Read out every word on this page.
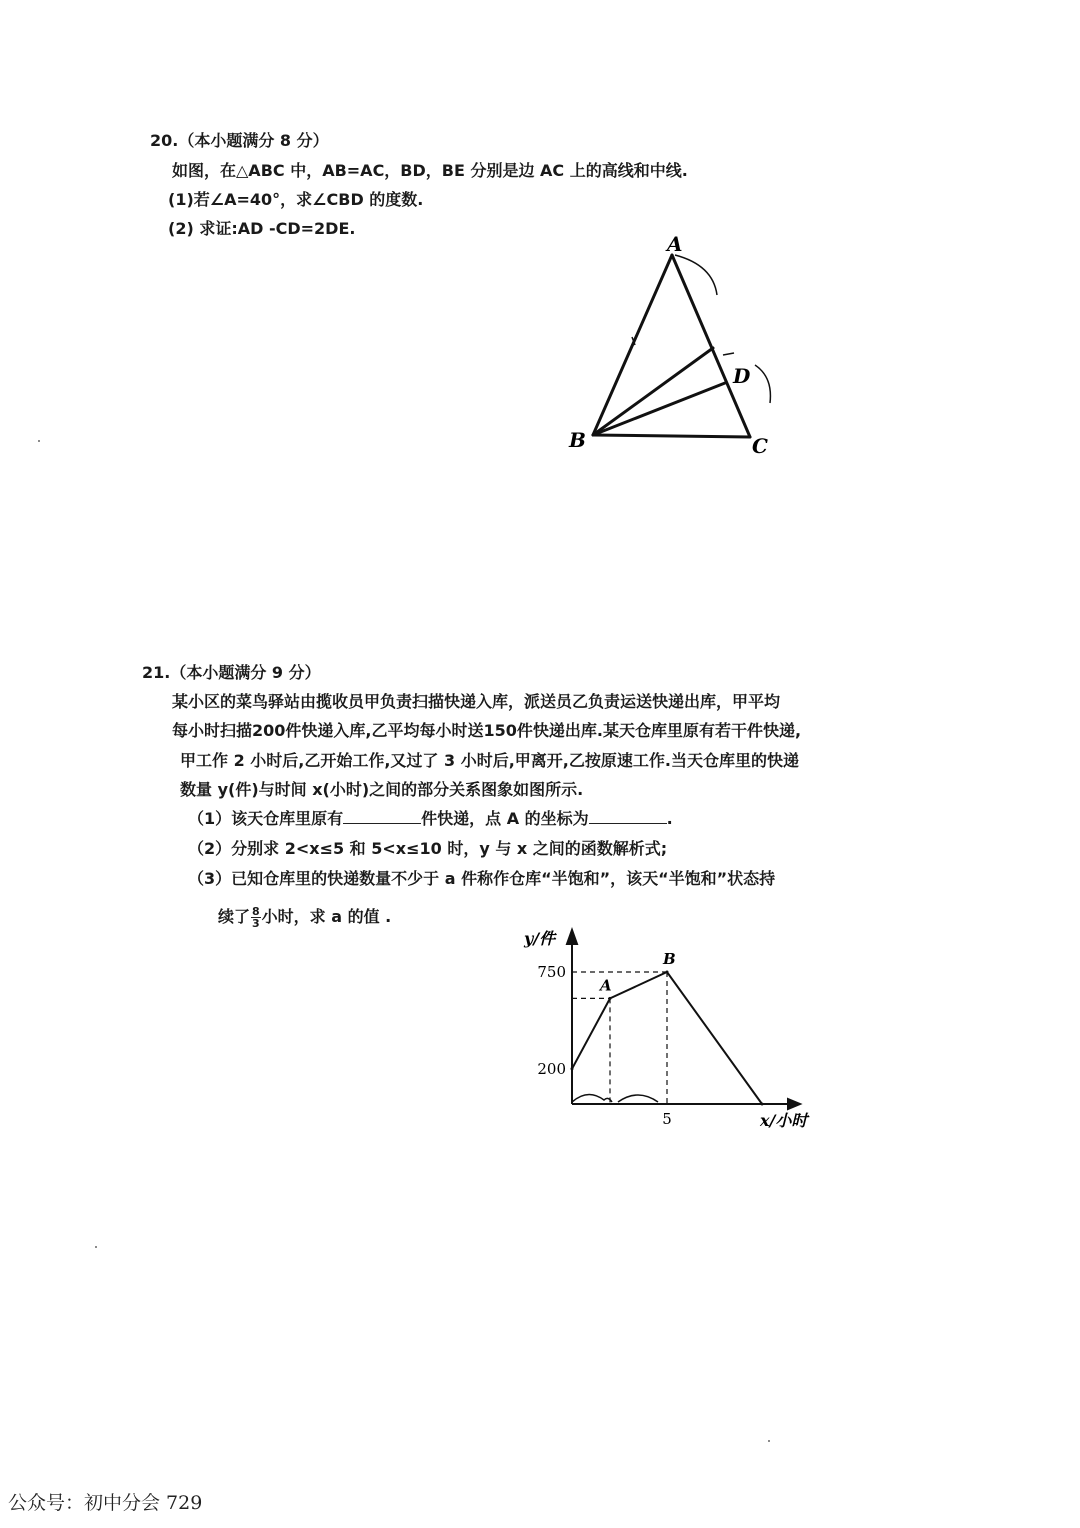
20.（本小题满分 8 分）
如图，在△ABC 中，AB=AC，BD，BE 分别是边 AC 上的高线和中线.
(1)若∠A=40°，求∠CBD 的度数.
(2) 求证:AD -CD=2DE.
A
B	C
D
21.（本小题满分 9 分）
某小区的菜鸟驿站由揽收员甲负责扫描快递入库，派送员乙负责运送快递出库，甲平均
每小时扫描200件快递入库,乙平均每小时送150件快递出库.某天仓库里原有若干件快递,
甲工作 2 小时后,乙开始工作,又过了 3 小时后,甲离开,乙按原速工作.当天仓库里的快递
数量 y(件)与时间 x(小时)之间的部分关系图象如图所示.
（1）该天仓库里原有	件快递，点 A 的坐标为	.
（2）分别求 2<x≤5 和 5<x≤10 时，y 与 x 之间的函数解析式;
（3）已知仓库里的快递数量不少于 a 件称作仓库“半饱和”，该天“半饱和”状态持
续了 $\frac{8}{3}$ 小时，求 a 的值 .
y/件
x/小时
750
200
5
A
B
公众号：初中分会 729
